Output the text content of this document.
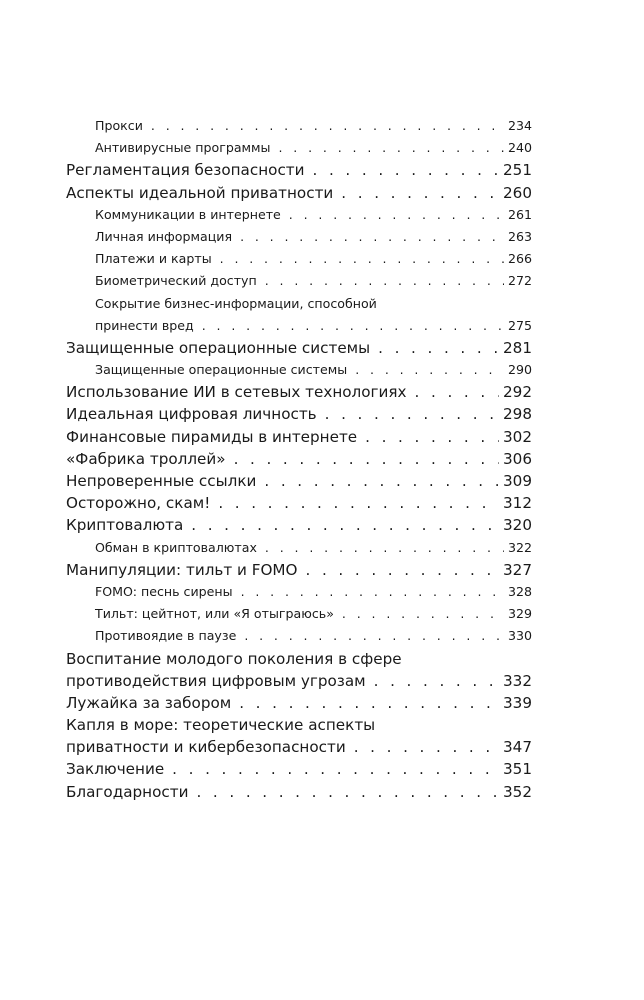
Прокси . . .	234
Антивирусные программы . . .	240
Регламентация безопасности . . .	251
Аспекты идеальной приватности . . .	260
Коммуникации в интернете . . .	261
Личная информация . . .	263
Платежи и карты . . .	266
Биометрический доступ . . .	272
Сокрытие бизнес-информации, способной
принести вред . . .	275
Защищенные операционные системы . . .	281
Защищенные операционные системы . . .	290
Использование ИИ в сетевых технологиях . . .	292
Идеальная цифровая личность . . .	298
Финансовые пирамиды в интернете . . .	302
«Фабрика троллей» . . .	306
Непроверенные ссылки . . .	309
Осторожно, скам! . . .	312
Криптовалюта . . .	320
Обман в криптовалютах . . .	322
Манипуляции: тильт и FOMO . . .	327
FOMO: песнь сирены . . .	328
Тильт: цейтнот, или «Я отыграюсь» . . .	329
Противоядие в паузе . . .	330
Воспитание молодого поколения в сфере
противодействия цифровым угрозам . . .	332
Лужайка за забором . . .	339
Капля в море: теоретические аспекты
приватности и кибербезопасности . . .	347
Заключение . . .	351
Благодарности . . .	352
